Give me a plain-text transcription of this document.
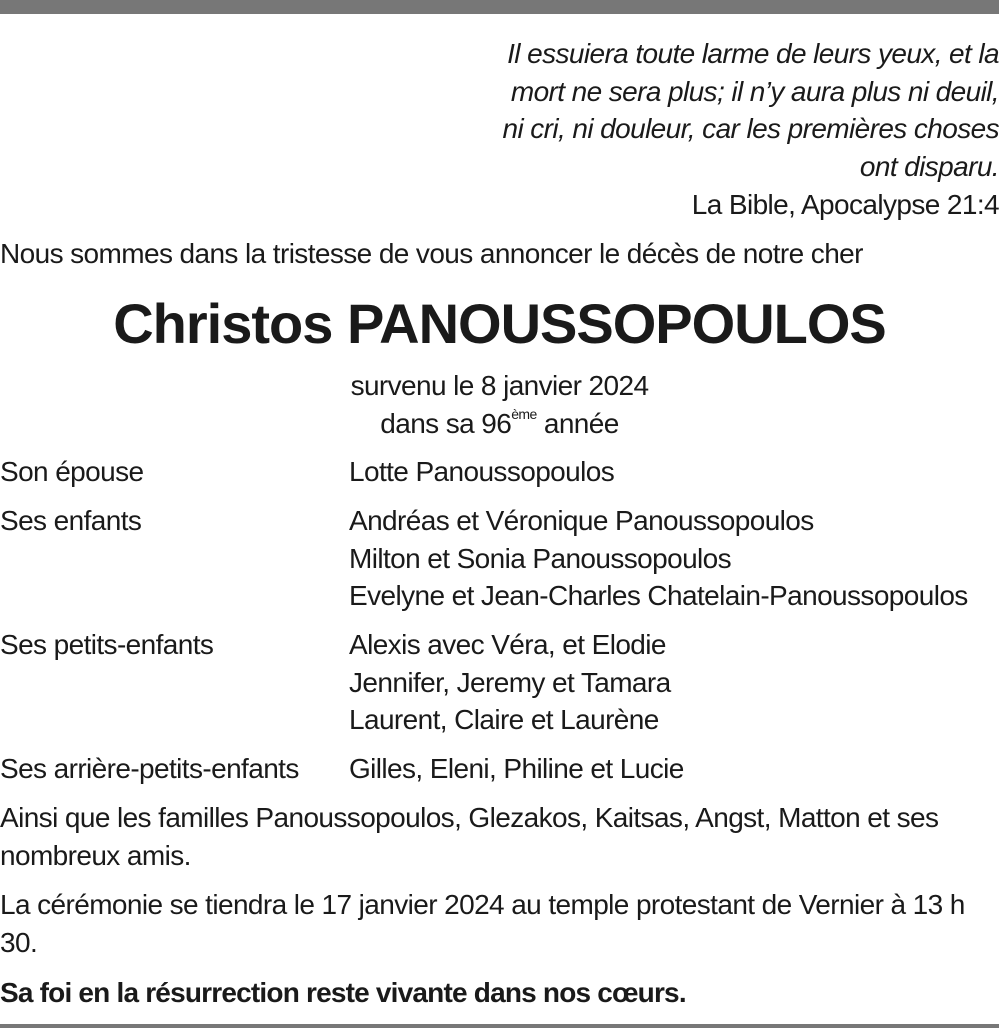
Il essuiera toute larme de leurs yeux, et la
mort ne sera plus; il n’y aura plus ni deuil,
ni cri, ni douleur, car les premières choses
ont disparu.
La Bible, Apocalypse 21:4
Nous sommes dans la tristesse de vous annoncer le décès de notre cher
Christos PANOUSSOPOULOS
survenu le 8 janvier 2024
dans sa 96ème année
Son épouse	Lotte Panoussopoulos
Ses enfants	Andréas et Véronique Panoussopoulos
Milton et Sonia Panoussopoulos
Evelyne et Jean-Charles Chatelain-Panoussopoulos
Ses petits-enfants	Alexis avec Véra, et Elodie
Jennifer, Jeremy et Tamara
Laurent, Claire et Laurène
Ses arrière-petits-enfants Gilles, Eleni, Philine et Lucie
Ainsi que les familles Panoussopoulos, Glezakos, Kaitsas, Angst, Matton et ses nombreux amis.
La cérémonie se tiendra le 17 janvier 2024 au temple protestant de Vernier à 13 h 30.
Sa foi en la résurrection reste vivante dans nos cœurs.
